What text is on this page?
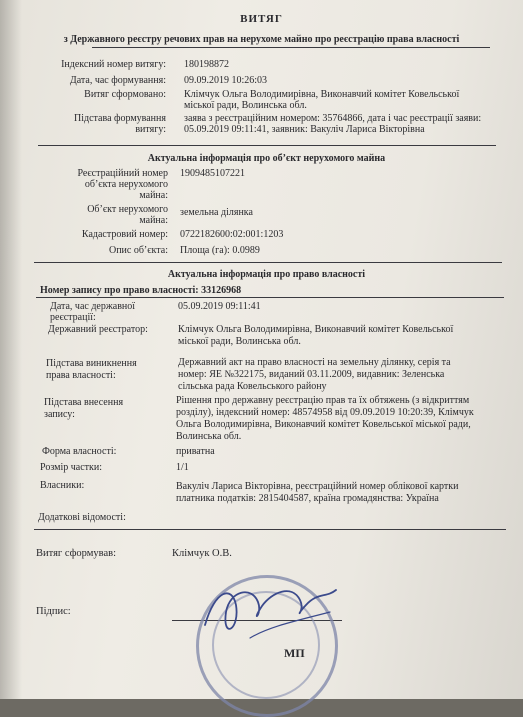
ВИТЯГ
з Державного реєстру речових прав на нерухоме майно про реєстрацію права власності
Індексний номер витягу: 180198872
Дата, час формування: 09.09.2019 10:26:03
Витяг сформовано: Клімчук Ольга Володимирівна, Виконавчий комітет Ковельської
міської ради, Волинська обл.
Підстава формування
витягу:
заява з реєстраційним номером: 35764866, дата і час реєстрації заяви:
05.09.2019 09:11:41, заявник: Вакуліч Лариса Вікторівна
Актуальна інформація про об’єкт нерухомого майна
Реєстраційний номер
об’єкта нерухомого
майна:
1909485107221
Об’єкт нерухомого
майна:
земельна ділянка
Кадастровий номер: 0722182600:02:001:1203
Опис об’єкта: Площа (га): 0.0989
Актуальна інформація про право власності
Номер запису про право власності: 33126968
Дата, час державної
реєстрації:
05.09.2019 09:11:41
Державний реєстратор:	Клімчук Ольга Володимирівна, Виконавчий комітет Ковельської
міської ради, Волинська обл.
Підстава виникнення
права власності:
Державний акт на право власності на земельну ділянку, серія та
номер: ЯЕ №322175, виданий 03.11.2009, видавник: Зеленська
сільська рада Ковельського району
Підстава внесення
запису:
Рішення про державну реєстрацію прав та їх обтяжень (з відкриттям
розділу), індексний номер: 48574958 від 09.09.2019 10:20:39, Клімчук
Ольга Володимирівна, Виконавчий комітет Ковельської міської ради,
Волинська обл.
Форма власності:	приватна
Розмір частки:	1/1
Власники:	Вакуліч Лариса Вікторівна, реєстраційний номер облікової картки
платника податків: 2815404587, країна громадянства: Україна
Додаткові відомості:
Витяг сформував:	Клімчук О.В.
Підпис:
МП
